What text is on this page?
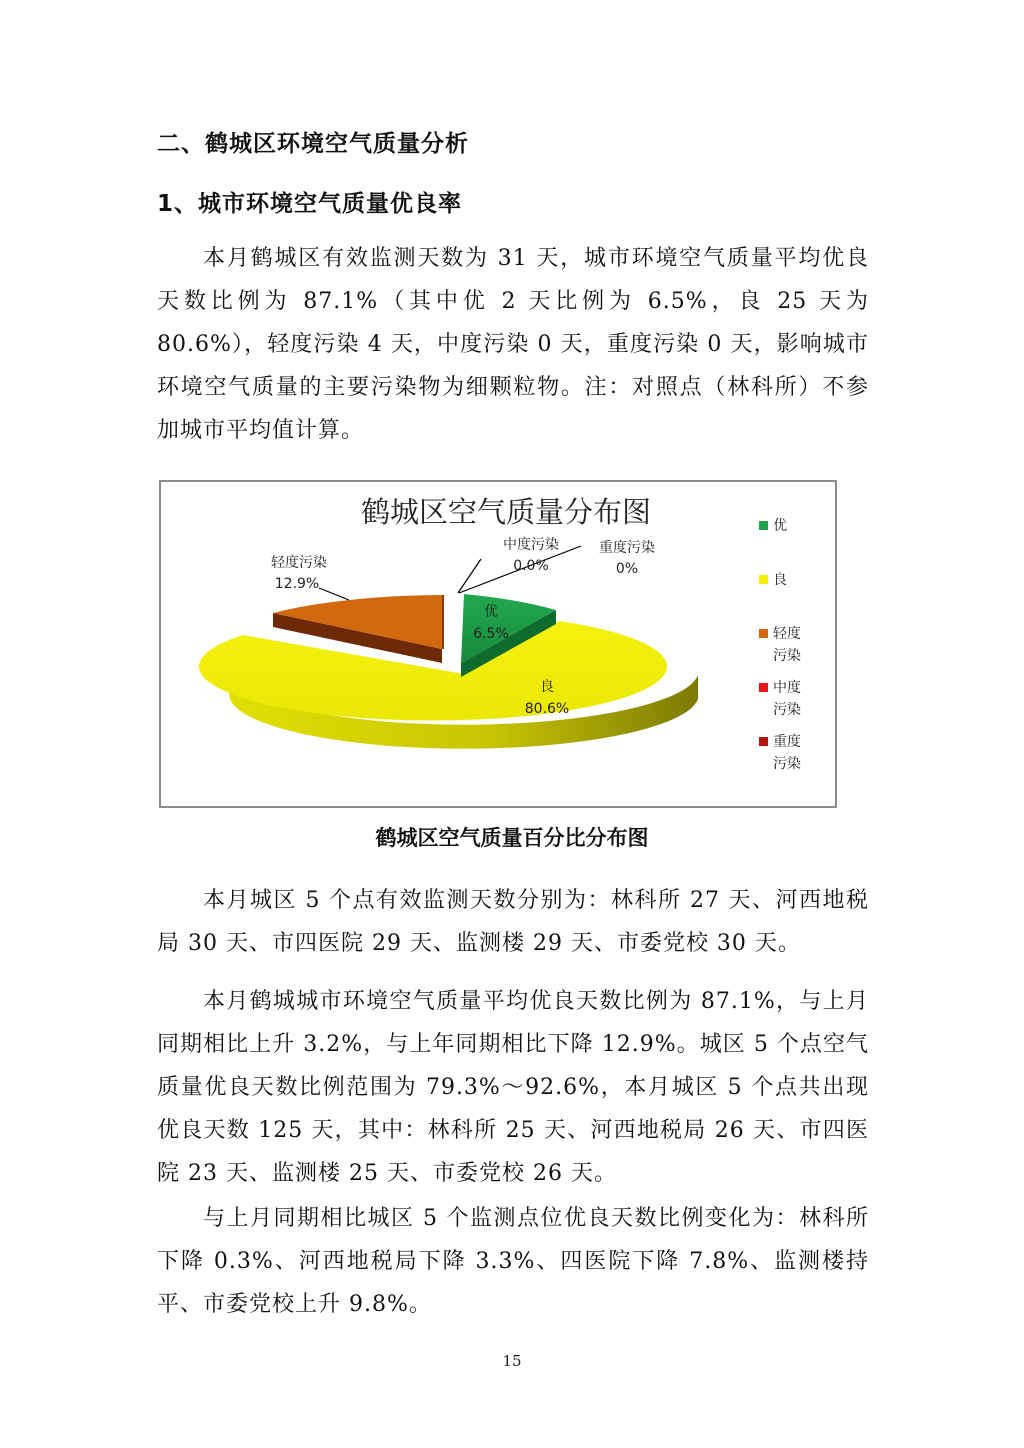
二、鹤城区环境空气质量分析
1、城市环境空气质量优良率

本月鹤城区有效监测天数为 31 天，城市环境空气质量平均优良天数比例为 87.1%（其中优 2 天比例为 6.5%，良 25 天为 80.6%），轻度污染 4 天，中度污染 0 天，重度污染 0 天，影响城市环境空气质量的主要污染物为细颗粒物。注：对照点（林科所）不参加城市平均值计算。

鹤城区空气质量分布图
轻度污染
12.9%
中度污染
0.0%
重度污染
0%
优
6.5%
良
80.6%
优
良
轻度污染
中度污染
重度污染
鹤城区空气质量百分比分布图

本月城区 5 个点有效监测天数分别为：林科所 27 天、河西地税局 30 天、市四医院 29 天、监测楼 29 天、市委党校 30 天。

本月鹤城城市环境空气质量平均优良天数比例为 87.1%，与上月同期相比上升 3.2%，与上年同期相比下降 12.9%。城区 5 个点空气质量优良天数比例范围为 79.3%～92.6%，本月城区 5 个点共出现优良天数 125 天，其中：林科所 25 天、河西地税局 26 天、市四医院 23 天、监测楼 25 天、市委党校 26 天。

与上月同期相比城区 5 个监测点位优良天数比例变化为：林科所下降 0.3%、河西地税局下降 3.3%、四医院下降 7.8%、监测楼持平、市委党校上升 9.8%。

15
